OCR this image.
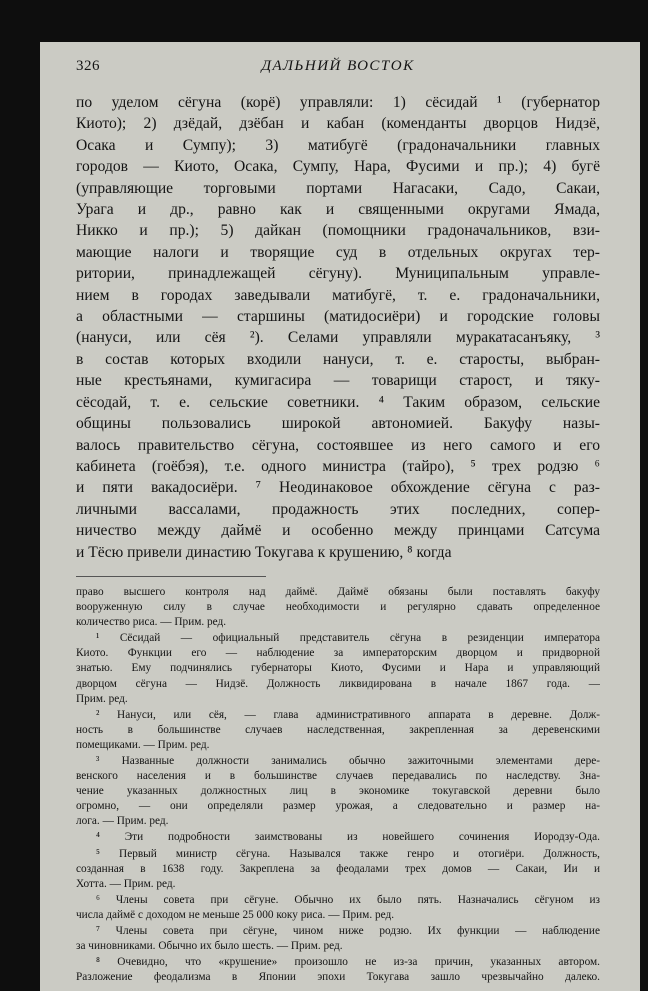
326	ДАЛЬНИЙ ВОСТОК
по уделом сёгуна (корё) управляли: 1) сёсидай ¹ (губернатор
Киото); 2) дзёдай, дзёбан и кабан (коменданты дворцов Нидзё,
Осака и Сумпу); 3) матибугё (градоначальники главных
городов — Киото, Осака, Сумпу, Нара, Фусими и пр.); 4) бугё
(управляющие торговыми портами Нагасаки, Садо, Сакаи,
Урага и др., равно как и священными округами Ямада,
Никко и пр.); 5) дайкан (помощники градоначальников, взи-
мающие налоги и творящие суд в отдельных округах тер-
ритории, принадлежащей сёгуну). Муниципальным управле-
нием в городах заведывали матибугё, т. е. градоначальники,
а областными — старшины (матидосиёри) и городские головы
(нануси, или сёя ²). Селами управляли муракатасанъяку, ³
в состав которых входили нануси, т. е. старосты, выбран-
ные крестьянами, кумигасира — товарищи старост, и тяку-
сёсодай, т. е. сельские советники. ⁴ Таким образом, сельские
общины пользовались широкой автономией. Бакуфу назы-
валось правительство сёгуна, состоявшее из него самого и его
кабинета (гоёбэя), т.е. одного министра (тайро), ⁵ трех родзю ⁶
и пяти вакадосиёри. ⁷ Неодинаковое обхождение сёгуна с раз-
личными вассалами, продажность этих последних, сопер-
ничество между даймё и особенно между принцами Сатсума
и Тёсю привели династию Токугава к крушению, ⁸ когда
право высшего контроля над даймё. Даймё обязаны были поставлять бакуфу
вооруженную силу в случае необходимости и регулярно сдавать определенное
количество риса. — Прим. ред.
¹ Сёсидай — официальный представитель сёгуна в резиденции императора
Киото. Функции его — наблюдение за императорским дворцом и придворной
знатью. Ему подчинялись губернаторы Киото, Фусими и Нара и управляющий
дворцом сёгуна — Нидзё. Должность ликвидирована в начале 1867 года. —
Прим. ред.
² Нануси, или сёя, — глава административного аппарата в деревне. Долж-
ность в большинстве случаев наследственная, закрепленная за деревенскими
помещиками. — Прим. ред.
³ Названные должности занимались обычно зажиточными элементами дере-
венского населения и в большинстве случаев передавались по наследству. Зна-
чение указанных должностных лиц в экономике токугавской деревни было
огромно, — они определяли размер урожая, а следовательно и размер на-
лога. — Прим. ред.
⁴ Эти подробности заимствованы из новейшего сочинения Иородзу-Ода.
⁵ Первый министр сёгуна. Назывался также генро и отогиёри. Должность,
созданная в 1638 году. Закреплена за феодалами трех домов — Сакаи, Ии и
Хотта. — Прим. ред.
⁶ Члены совета при сёгуне. Обычно их было пять. Назначались сёгуном из
числа даймё с доходом не меньше 25 000 коку риса. — Прим. ред.
⁷ Члены совета при сёгуне, чином ниже родзю. Их функции — наблюдение
за чиновниками. Обычно их было шесть. — Прим. ред.
⁸ Очевидно, что «крушение» произошло не из-за причин, указанных автором.
Разложение феодализма в Японии эпохи Токугава зашло чрезвычайно далеко.
